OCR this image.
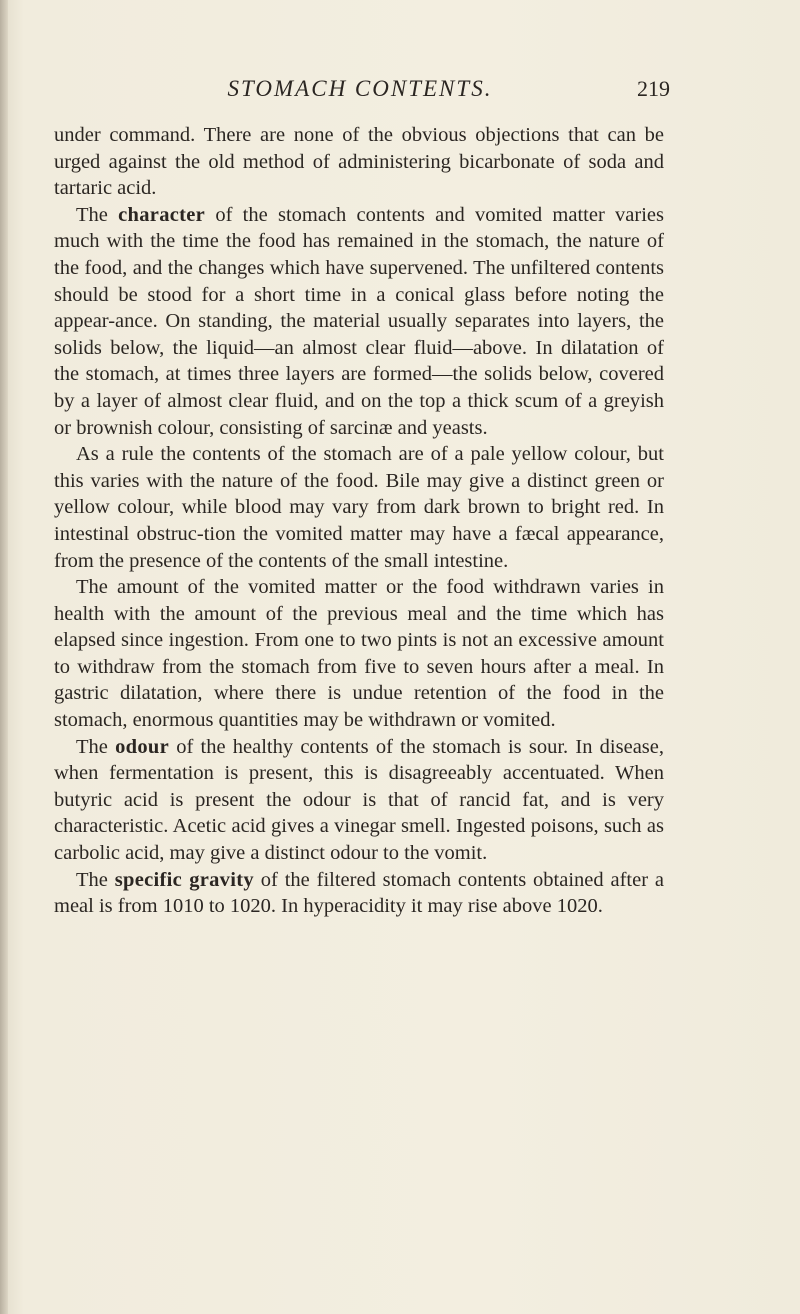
STOMACH CONTENTS.	219

under command. There are none of the obvious objections that can be urged against the old method of administering bicarbonate of soda and tartaric acid.

The character of the stomach contents and vomited matter varies much with the time the food has remained in the stomach, the nature of the food, and the changes which have supervened. The unfiltered contents should be stood for a short time in a conical glass before noting the appear-ance. On standing, the material usually separates into layers, the solids below, the liquid—an almost clear fluid—above. In dilatation of the stomach, at times three layers are formed—the solids below, covered by a layer of almost clear fluid, and on the top a thick scum of a greyish or brownish colour, consisting of sarcinæ and yeasts.

As a rule the contents of the stomach are of a pale yellow colour, but this varies with the nature of the food. Bile may give a distinct green or yellow colour, while blood may vary from dark brown to bright red. In intestinal obstruc-tion the vomited matter may have a fæcal appearance, from the presence of the contents of the small intestine.

The amount of the vomited matter or the food withdrawn varies in health with the amount of the previous meal and the time which has elapsed since ingestion. From one to two pints is not an excessive amount to withdraw from the stomach from five to seven hours after a meal. In gastric dilatation, where there is undue retention of the food in the stomach, enormous quantities may be withdrawn or vomited.

The odour of the healthy contents of the stomach is sour. In disease, when fermentation is present, this is disagreeably accentuated. When butyric acid is present the odour is that of rancid fat, and is very characteristic. Acetic acid gives a vinegar smell. Ingested poisons, such as carbolic acid, may give a distinct odour to the vomit.

The specific gravity of the filtered stomach contents obtained after a meal is from 1010 to 1020. In hyperacidity it may rise above 1020.
